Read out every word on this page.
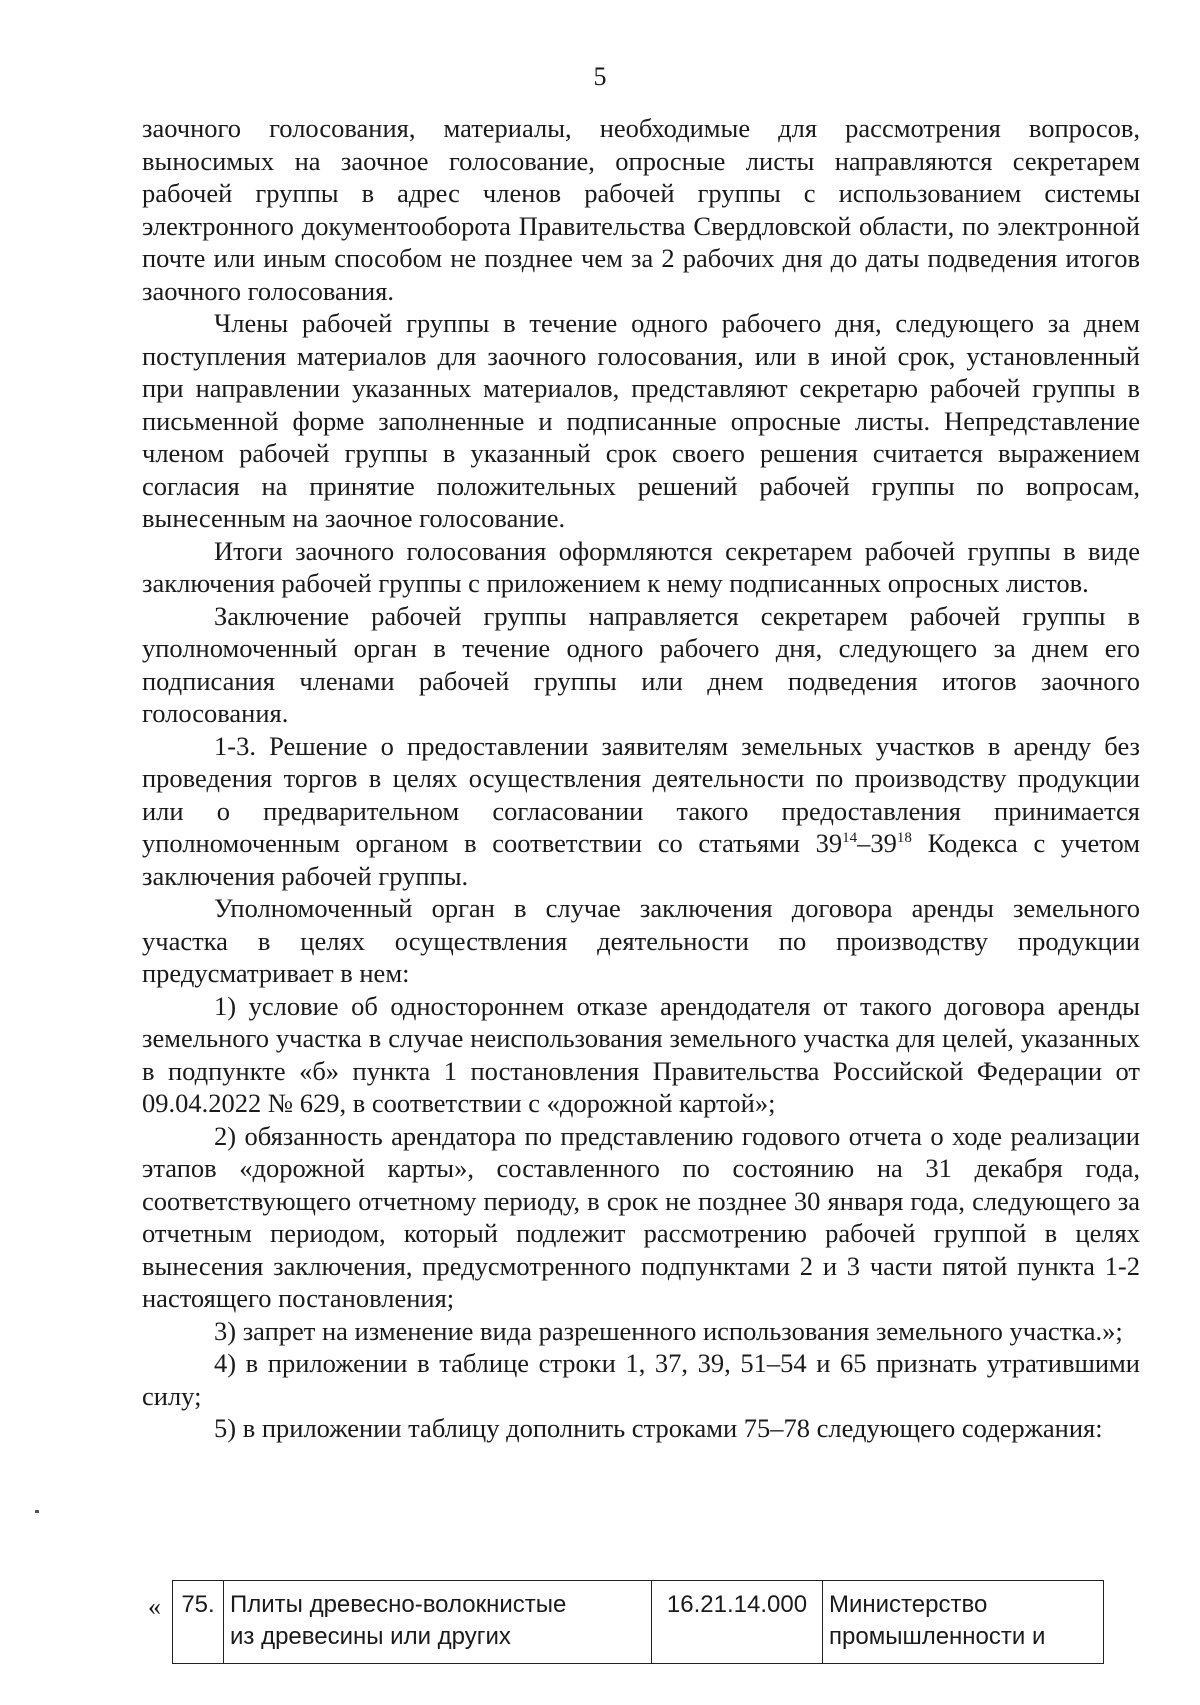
5

заочного голосования, материалы, необходимые для рассмотрения вопросов, выносимых на заочное голосование, опросные листы направляются секретарем рабочей группы в адрес членов рабочей группы с использованием системы электронного документооборота Правительства Свердловской области, по электронной почте или иным способом не позднее чем за 2 рабочих дня до даты подведения итогов заочного голосования.

Члены рабочей группы в течение одного рабочего дня, следующего за днем поступления материалов для заочного голосования, или в иной срок, установленный при направлении указанных материалов, представляют секретарю рабочей группы в письменной форме заполненные и подписанные опросные листы. Непредставление членом рабочей группы в указанный срок своего решения считается выражением согласия на принятие положительных решений рабочей группы по вопросам, вынесенным на заочное голосование.

Итоги заочного голосования оформляются секретарем рабочей группы в виде заключения рабочей группы с приложением к нему подписанных опросных листов.

Заключение рабочей группы направляется секретарем рабочей группы в уполномоченный орган в течение одного рабочего дня, следующего за днем его подписания членами рабочей группы или днем подведения итогов заочного голосования.

1-3. Решение о предоставлении заявителям земельных участков в аренду без проведения торгов в целях осуществления деятельности по производству продукции или о предварительном согласовании такого предоставления принимается уполномоченным органом в соответствии со статьями $39^{14}-39^{18}$ Кодекса с учетом заключения рабочей группы.

Уполномоченный орган в случае заключения договора аренды земельного участка в целях осуществления деятельности по производству продукции предусматривает в нем:

1) условие об одностороннем отказе арендодателя от такого договора аренды земельного участка в случае неиспользования земельного участка для целей, указанных в подпункте «б» пункта 1 постановления Правительства Российской Федерации от 09.04.2022 № 629, в соответствии с «дорожной картой»;

2) обязанность арендатора по представлению годового отчета о ходе реализации этапов «дорожной карты», составленного по состоянию на 31 декабря года, соответствующего отчетному периоду, в срок не позднее 30 января года, следующего за отчетным периодом, который подлежит рассмотрению рабочей группой в целях вынесения заключения, предусмотренного подпунктами 2 и 3 части пятой пункта 1-2 настоящего постановления;

3) запрет на изменение вида разрешенного использования земельного участка.»;

4) в приложении в таблице строки 1, 37, 39, 51–54 и 65 признать утратившими силу;

5) в приложении таблицу дополнить строками 75–78 следующего содержания:

« 75.	Плиты древесно-волокнистые
из древесины или других
	16.21.14.000	Министерство
промышленности и
